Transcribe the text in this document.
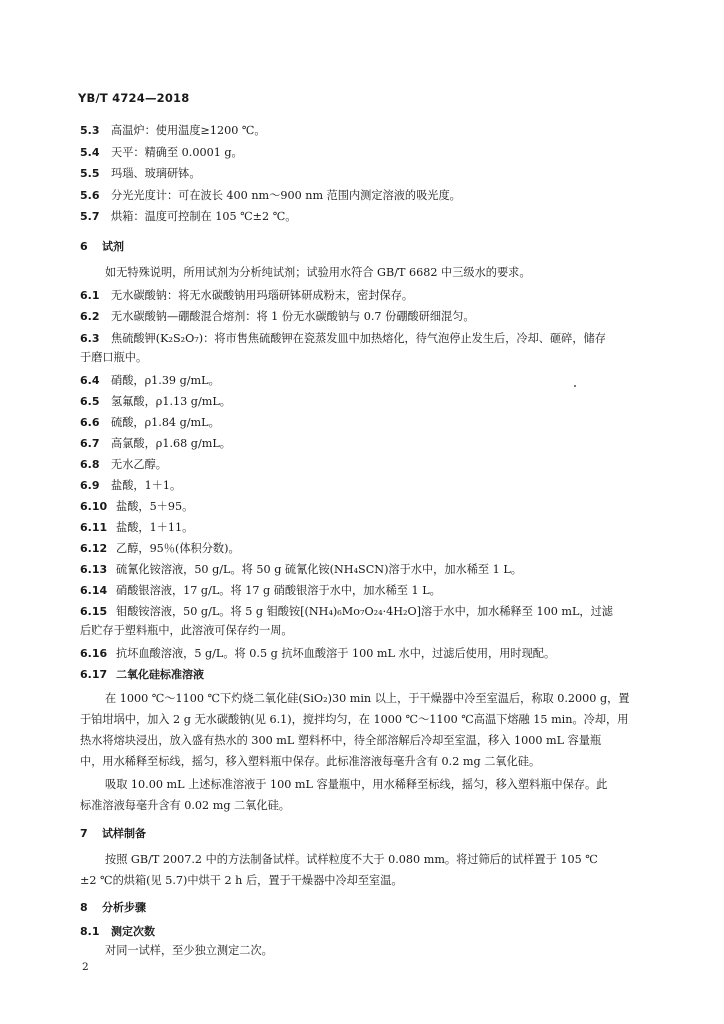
YB/T 4724—2018
5.3 高温炉：使用温度≥1200 ℃。
5.4 天平：精确至 0.0001 g。
5.5 玛瑙、玻璃研钵。
5.6 分光光度计：可在波长 400 nm～900 nm 范围内测定溶液的吸光度。
5.7 烘箱：温度可控制在 105 ℃±2 ℃。
6 试剂
如无特殊说明，所用试剂为分析纯试剂；试验用水符合 GB/T 6682 中三级水的要求。
6.1 无水碳酸钠：将无水碳酸钠用玛瑙研钵研成粉末，密封保存。
6.2 无水碳酸钠—硼酸混合熔剂：将 1 份无水碳酸钠与 0.7 份硼酸研细混匀。
6.3 焦硫酸钾(K₂S₂O₇)：将市售焦硫酸钾在瓷蒸发皿中加热熔化，待气泡停止发生后，冷却、砸碎，储存
于磨口瓶中。
6.4 硝酸，ρ1.39 g/mL。
6.5 氢氟酸，ρ1.13 g/mL。
6.6 硫酸，ρ1.84 g/mL。
6.7 高氯酸，ρ1.68 g/mL。
6.8 无水乙醇。
6.9 盐酸，1＋1。
6.10 盐酸，5＋95。
6.11 盐酸，1＋11。
6.12 乙醇，95％(体积分数)。
6.13 硫氰化铵溶液，50 g/L。将 50 g 硫氰化铵(NH₄SCN)溶于水中，加水稀至 1 L。
6.14 硝酸银溶液，17 g/L。将 17 g 硝酸银溶于水中，加水稀至 1 L。
6.15 钼酸铵溶液，50 g/L。将 5 g 钼酸铵[(NH₄)₆Mo₇O₂₄·4H₂O]溶于水中，加水稀释至 100 mL，过滤
后贮存于塑料瓶中，此溶液可保存约一周。
6.16 抗坏血酸溶液，5 g/L。将 0.5 g 抗坏血酸溶于 100 mL 水中，过滤后使用，用时现配。
6.17 二氧化硅标准溶液
在 1000 ℃～1100 ℃下灼烧二氧化硅(SiO₂)30 min 以上，于干燥器中冷至室温后，称取 0.2000 g，置
于铂坩埚中，加入 2 g 无水碳酸钠(见 6.1)，搅拌均匀，在 1000 ℃～1100 ℃高温下熔融 15 min。冷却，用
热水将熔块浸出，放入盛有热水的 300 mL 塑料杯中，待全部溶解后冷却至室温，移入 1000 mL 容量瓶
中，用水稀释至标线，摇匀，移入塑料瓶中保存。此标准溶液每毫升含有 0.2 mg 二氧化硅。
吸取 10.00 mL 上述标准溶液于 100 mL 容量瓶中，用水稀释至标线，摇匀，移入塑料瓶中保存。此
标准溶液每毫升含有 0.02 mg 二氧化硅。
7 试样制备
按照 GB/T 2007.2 中的方法制备试样。试样粒度不大于 0.080 mm。将过筛后的试样置于 105 ℃
±2 ℃的烘箱(见 5.7)中烘干 2 h 后，置于干燥器中冷却至室温。
8 分析步骤
8.1 测定次数
对同一试样，至少独立测定二次。
2
